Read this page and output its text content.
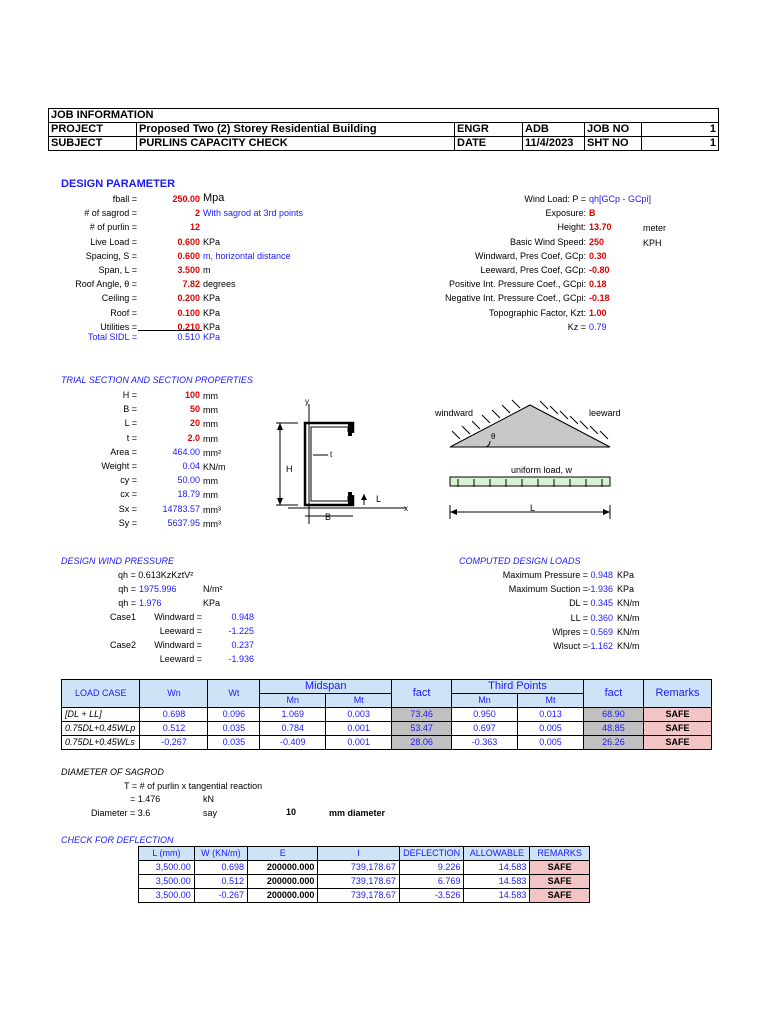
JOB INFORMATION					
PROJECT	Proposed Two (2) Storey Residential Building	ENGR	ADB	JOB NO	1
SUBJECT	PURLINS CAPACITY CHECK	DATE	11/4/2023	SHT NO	1
DESIGN PARAMETER
fball =	250.00 Mpa
# of sagrod =	2 With sagrod at 3rd points
# of purlin =	12
Live Load =	0.600 KPa
Spacing, S =	0.600 m, horizontal distance
Span, L =	3.500 m
Roof Angle, θ =	7.82 degrees
Ceiling =	0.200 KPa
Roof =	0.100 KPa
Utilities =	0.210 KPa
Wind Load: P = qh[GCp - GCpi]
Exposure: B
Height: 13.70	meter
Basic Wind Speed: 250	KPH
Windward, Pres Coef, GCp: 0.30
Leeward, Pres Coef, GCp: -0.80
Positive Int. Pressure Coef., GCpi: 0.18
Negative Int. Pressure Coef., GCpi: -0.18
Topographic Factor, Kzt: 1.00
Kz = 0.79
Total SIDL =	0.510 KPa
TRIAL SECTION AND SECTION PROPERTIES
H =	100 mm
B =	50 mm
L =	20 mm
t =	2.0 mm
Area =	464.00 mm²
Weight =	0.04 KN/m
cy =	50.00 mm
cx =	18.79 mm
Sx =	14783.57 mm³
Sy =	5637.95 mm³
y
x
t
H
L
B
windward	leeward
θ
uniform load, w
L
DESIGN WIND PRESSURE
qh = 0.613KzKztV²
qh = 1975.996	N/m²
qh = 1.976	KPa
Case1	Windward =	0.948
Leeward =	-1.225
Case2	Windward =	0.237
Leeward =	-1.936
COMPUTED DESIGN LOADS
Maximum Pressure = 0.948 KPa
Maximum Suction = -1.936 KPa
DL = 0.345 KN/m
LL = 0.360 KN/m
Wlpres = 0.569 KN/m
Wlsuct = -1.162 KN/m
LOAD CASE	Wn	Wt	Midspan		fact	Third Points		fact	Remarks
			Mn	Mt		Mn	Mt		
[DL + LL]	0.698	0.096	1.069	0.003	73.46	0.950	0.013	68.90	SAFE
0.75DL+0.45WLp	0.512	0.035	0.784	0.001	53.47	0.697	0.005	48.85	SAFE
0.75DL+0.45WLs	-0.267	0.035	-0.409	0.001	28.06	-0.363	0.005	26.26	SAFE
DIAMETER OF SAGROD
T = # of purlin x tangential reaction
= 1.476	kN
Diameter = 3.6	say	10	mm diameter
CHECK FOR DEFLECTION
L (mm)	W (KN/m)	E	I	DEFLECTION	ALLOWABLE	REMARKS
3,500.00	0.698	200000.000	739,178.67	9.226	14.583	SAFE
3,500.00	0.512	200000.000	739,178.67	6.769	14.583	SAFE
3,500.00	-0.267	200000.000	739,178.67	-3.526	14.583	SAFE
